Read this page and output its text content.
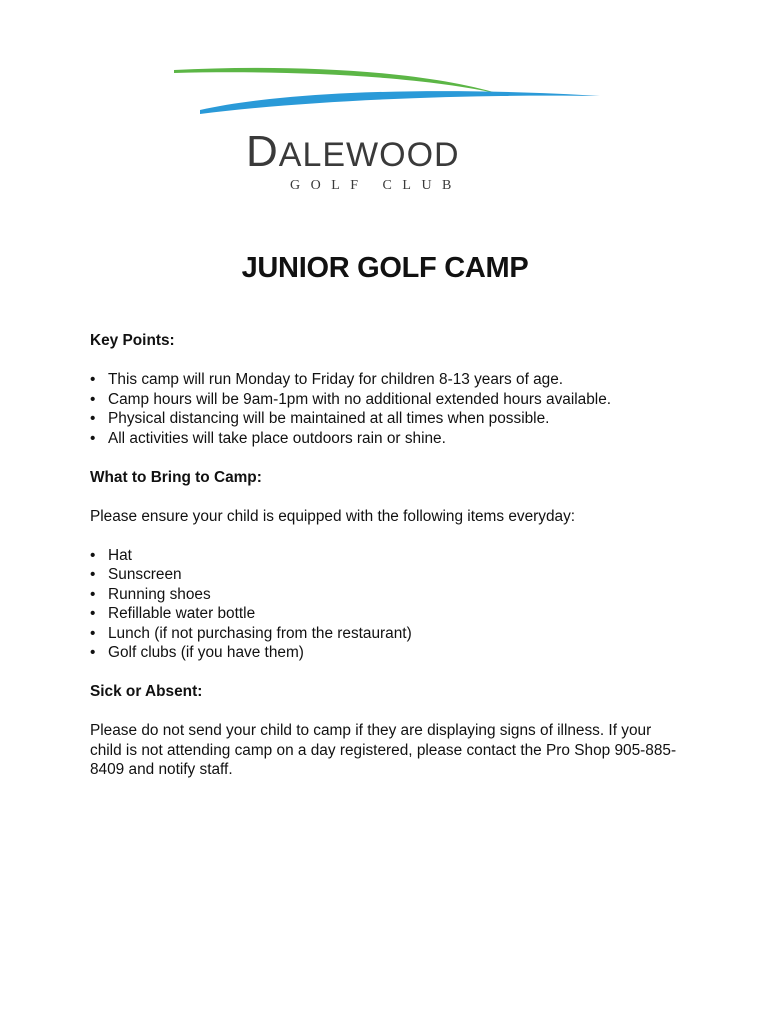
DALEWOOD
GOLF CLUB
JUNIOR GOLF CAMP

Key Points:

• This camp will run Monday to Friday for children 8-13 years of age.
• Camp hours will be 9am-1pm with no additional extended hours available.
• Physical distancing will be maintained at all times when possible.
• All activities will take place outdoors rain or shine.

What to Bring to Camp:

Please ensure your child is equipped with the following items everyday:

• Hat
• Sunscreen
• Running shoes
• Refillable water bottle
• Lunch (if not purchasing from the restaurant)
• Golf clubs (if you have them)

Sick or Absent:

Please do not send your child to camp if they are displaying signs of illness. If your child is not attending camp on a day registered, please contact the Pro Shop 905-885-8409 and notify staff.
